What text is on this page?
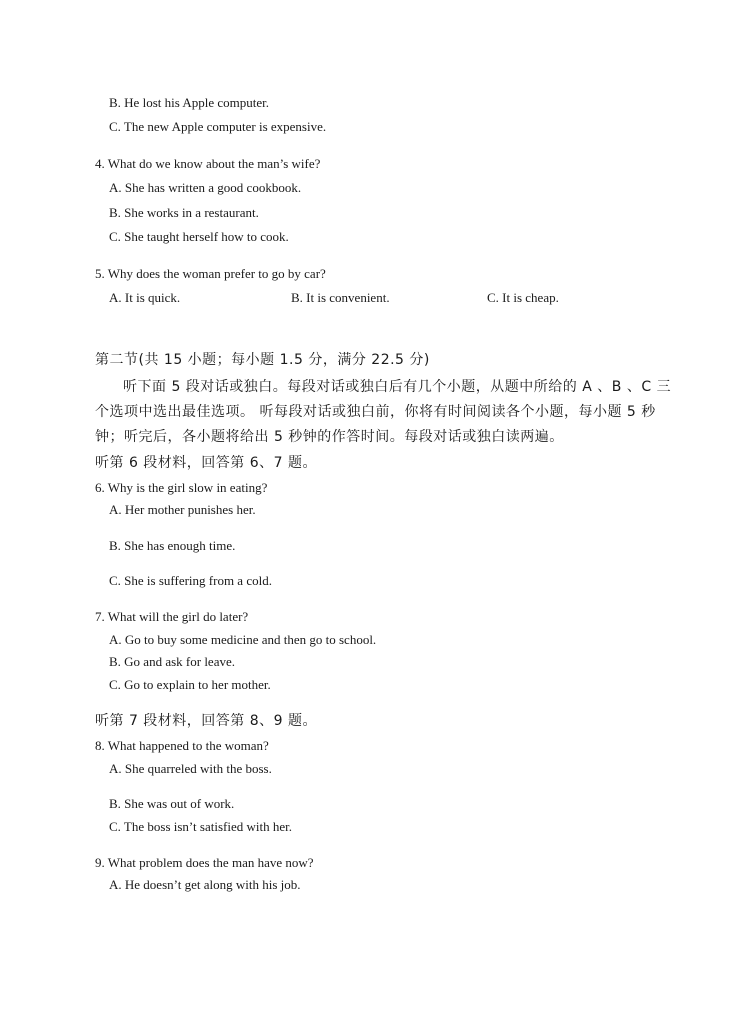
B. He lost his Apple computer.
C. The new Apple computer is expensive.
4. What do we know about the man’s wife?
A. She has written a good cookbook.
B. She works in a restaurant.
C. She taught herself how to cook.
5. Why does the woman prefer to go by car?
A. It is quick.	B. It is convenient.	C. It is cheap.
第二节(共 15 小题；每小题 1.5 分，满分 22.5 分)
听下面 5 段对话或独白。每段对话或独白后有几个小题，从题中所给的 A 、B 、C 三
个选项中选出最佳选项。 听每段对话或独白前，你将有时间阅读各个小题，每小题 5 秒
钟；听完后，各小题将给出 5 秒钟的作答时间。每段对话或独白读两遍。
听第 6 段材料，回答第 6、7 题。
6. Why is the girl slow in eating?
A. Her mother punishes her.
B. She has enough time.
C. She is suffering from a cold.
7. What will the girl do later?
A. Go to buy some medicine and then go to school.
B. Go and ask for leave.
C. Go to explain to her mother.
听第 7 段材料，回答第 8、9 题。
8. What happened to the woman?
A. She quarreled with the boss.
B. She was out of work.
C. The boss isn’t satisfied with her.
9. What problem does the man have now?
A. He doesn’t get along with his job.
